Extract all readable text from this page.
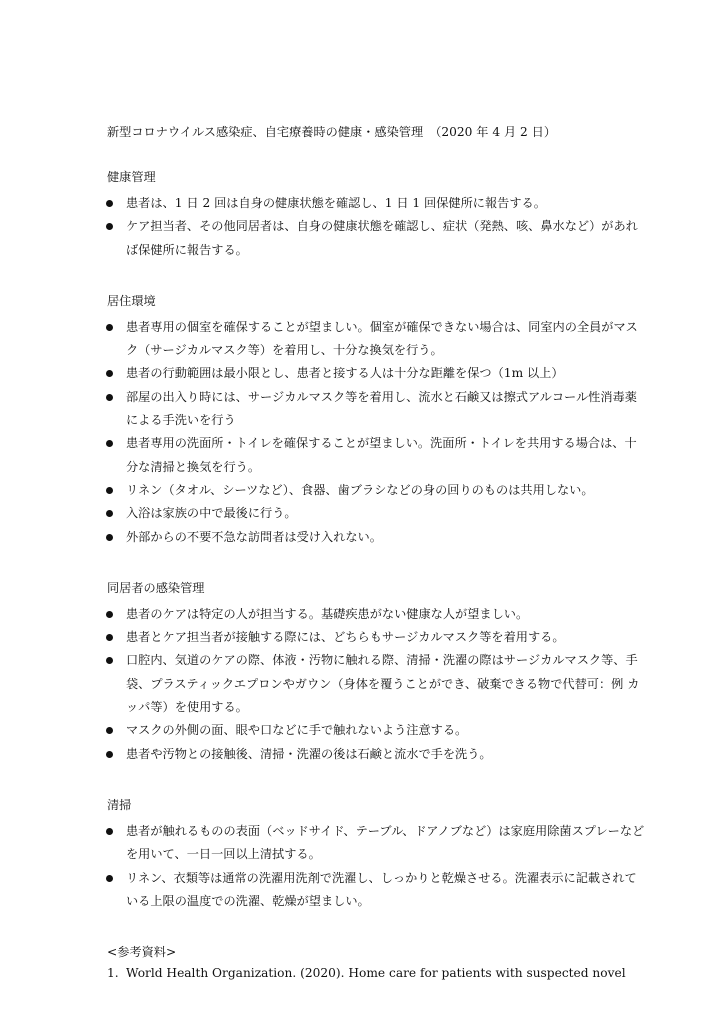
新型コロナウイルス感染症、自宅療養時の健康・感染管理　（2020 年 4 月 2 日）
健康管理
患者は、1 日 2 回は自身の健康状態を確認し、1 日 1 回保健所に報告する。
ケア担当者、その他同居者は、自身の健康状態を確認し、症状（発熱、咳、鼻水など）があれば保健所に報告する。
居住環境
患者専用の個室を確保することが望ましい。個室が確保できない場合は、同室内の全員がマスク（サージカルマスク等）を着用し、十分な換気を行う。
患者の行動範囲は最小限とし、患者と接する人は十分な距離を保つ（1m 以上）
部屋の出入り時には、サージカルマスク等を着用し、流水と石鹸又は擦式アルコール性消毒薬による手洗いを行う
患者専用の洗面所・トイレを確保することが望ましい。洗面所・トイレを共用する場合は、十分な清掃と換気を行う。
リネン（タオル、シーツなど）、食器、歯ブラシなどの身の回りのものは共用しない。
入浴は家族の中で最後に行う。
外部からの不要不急な訪問者は受け入れない。
同居者の感染管理
患者のケアは特定の人が担当する。基礎疾患がない健康な人が望ましい。
患者とケア担当者が接触する際には、どちらもサージカルマスク等を着用する。
口腔内、気道のケアの際、体液・汚物に触れる際、清掃・洗濯の際はサージカルマスク等、手袋、プラスティックエプロンやガウン（身体を覆うことができ、破棄できる物で代替可：例 カッパ等）を使用する。
マスクの外側の面、眼や口などに手で触れないよう注意する。
患者や汚物との接触後、清掃・洗濯の後は石鹸と流水で手を洗う。
清掃
患者が触れるものの表面（ベッドサイド、テーブル、ドアノブなど）は家庭用除菌スプレーなどを用いて、一日一回以上清拭する。
リネン、衣類等は通常の洗濯用洗剤で洗濯し、しっかりと乾燥させる。洗濯表示に記載されている上限の温度での洗濯、乾燥が望ましい。
<参考資料>
1. World Health Organization. (2020). Home care for patients with suspected novel
